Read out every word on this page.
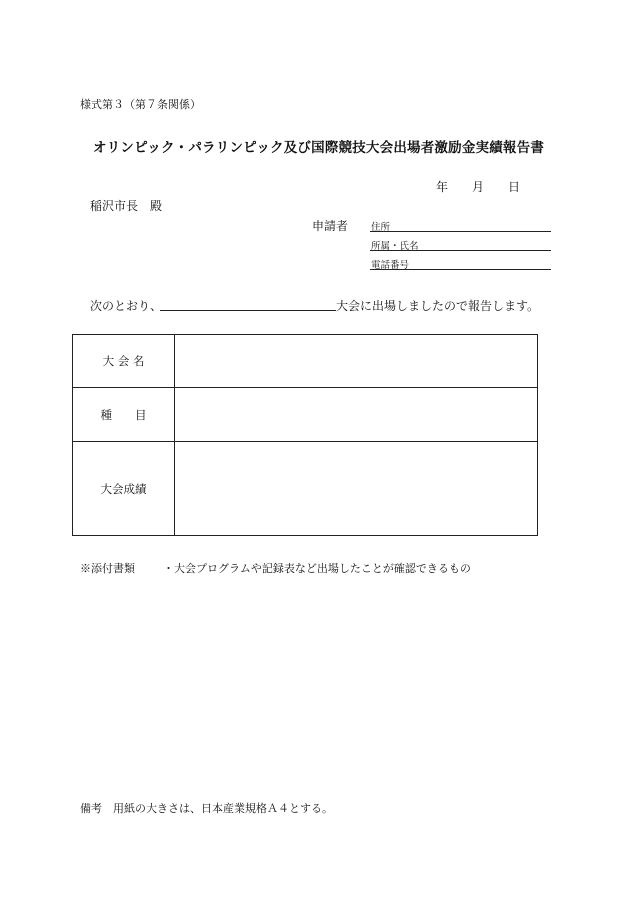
様式第３（第７条関係）
オリンピック・パラリンピック及び国際競技大会出場者激励金実績報告書
年 月 日
稲沢市長　殿
申請者 住所
所属・氏名
電話番号
次のとおり、	大会に出場しましたので報告します。
大 会 名	
種　　目	
大会成績	
※添付書類	・大会プログラムや記録表など出場したことが確認できるもの
備考　用紙の大きさは、日本産業規格Ａ４とする。
